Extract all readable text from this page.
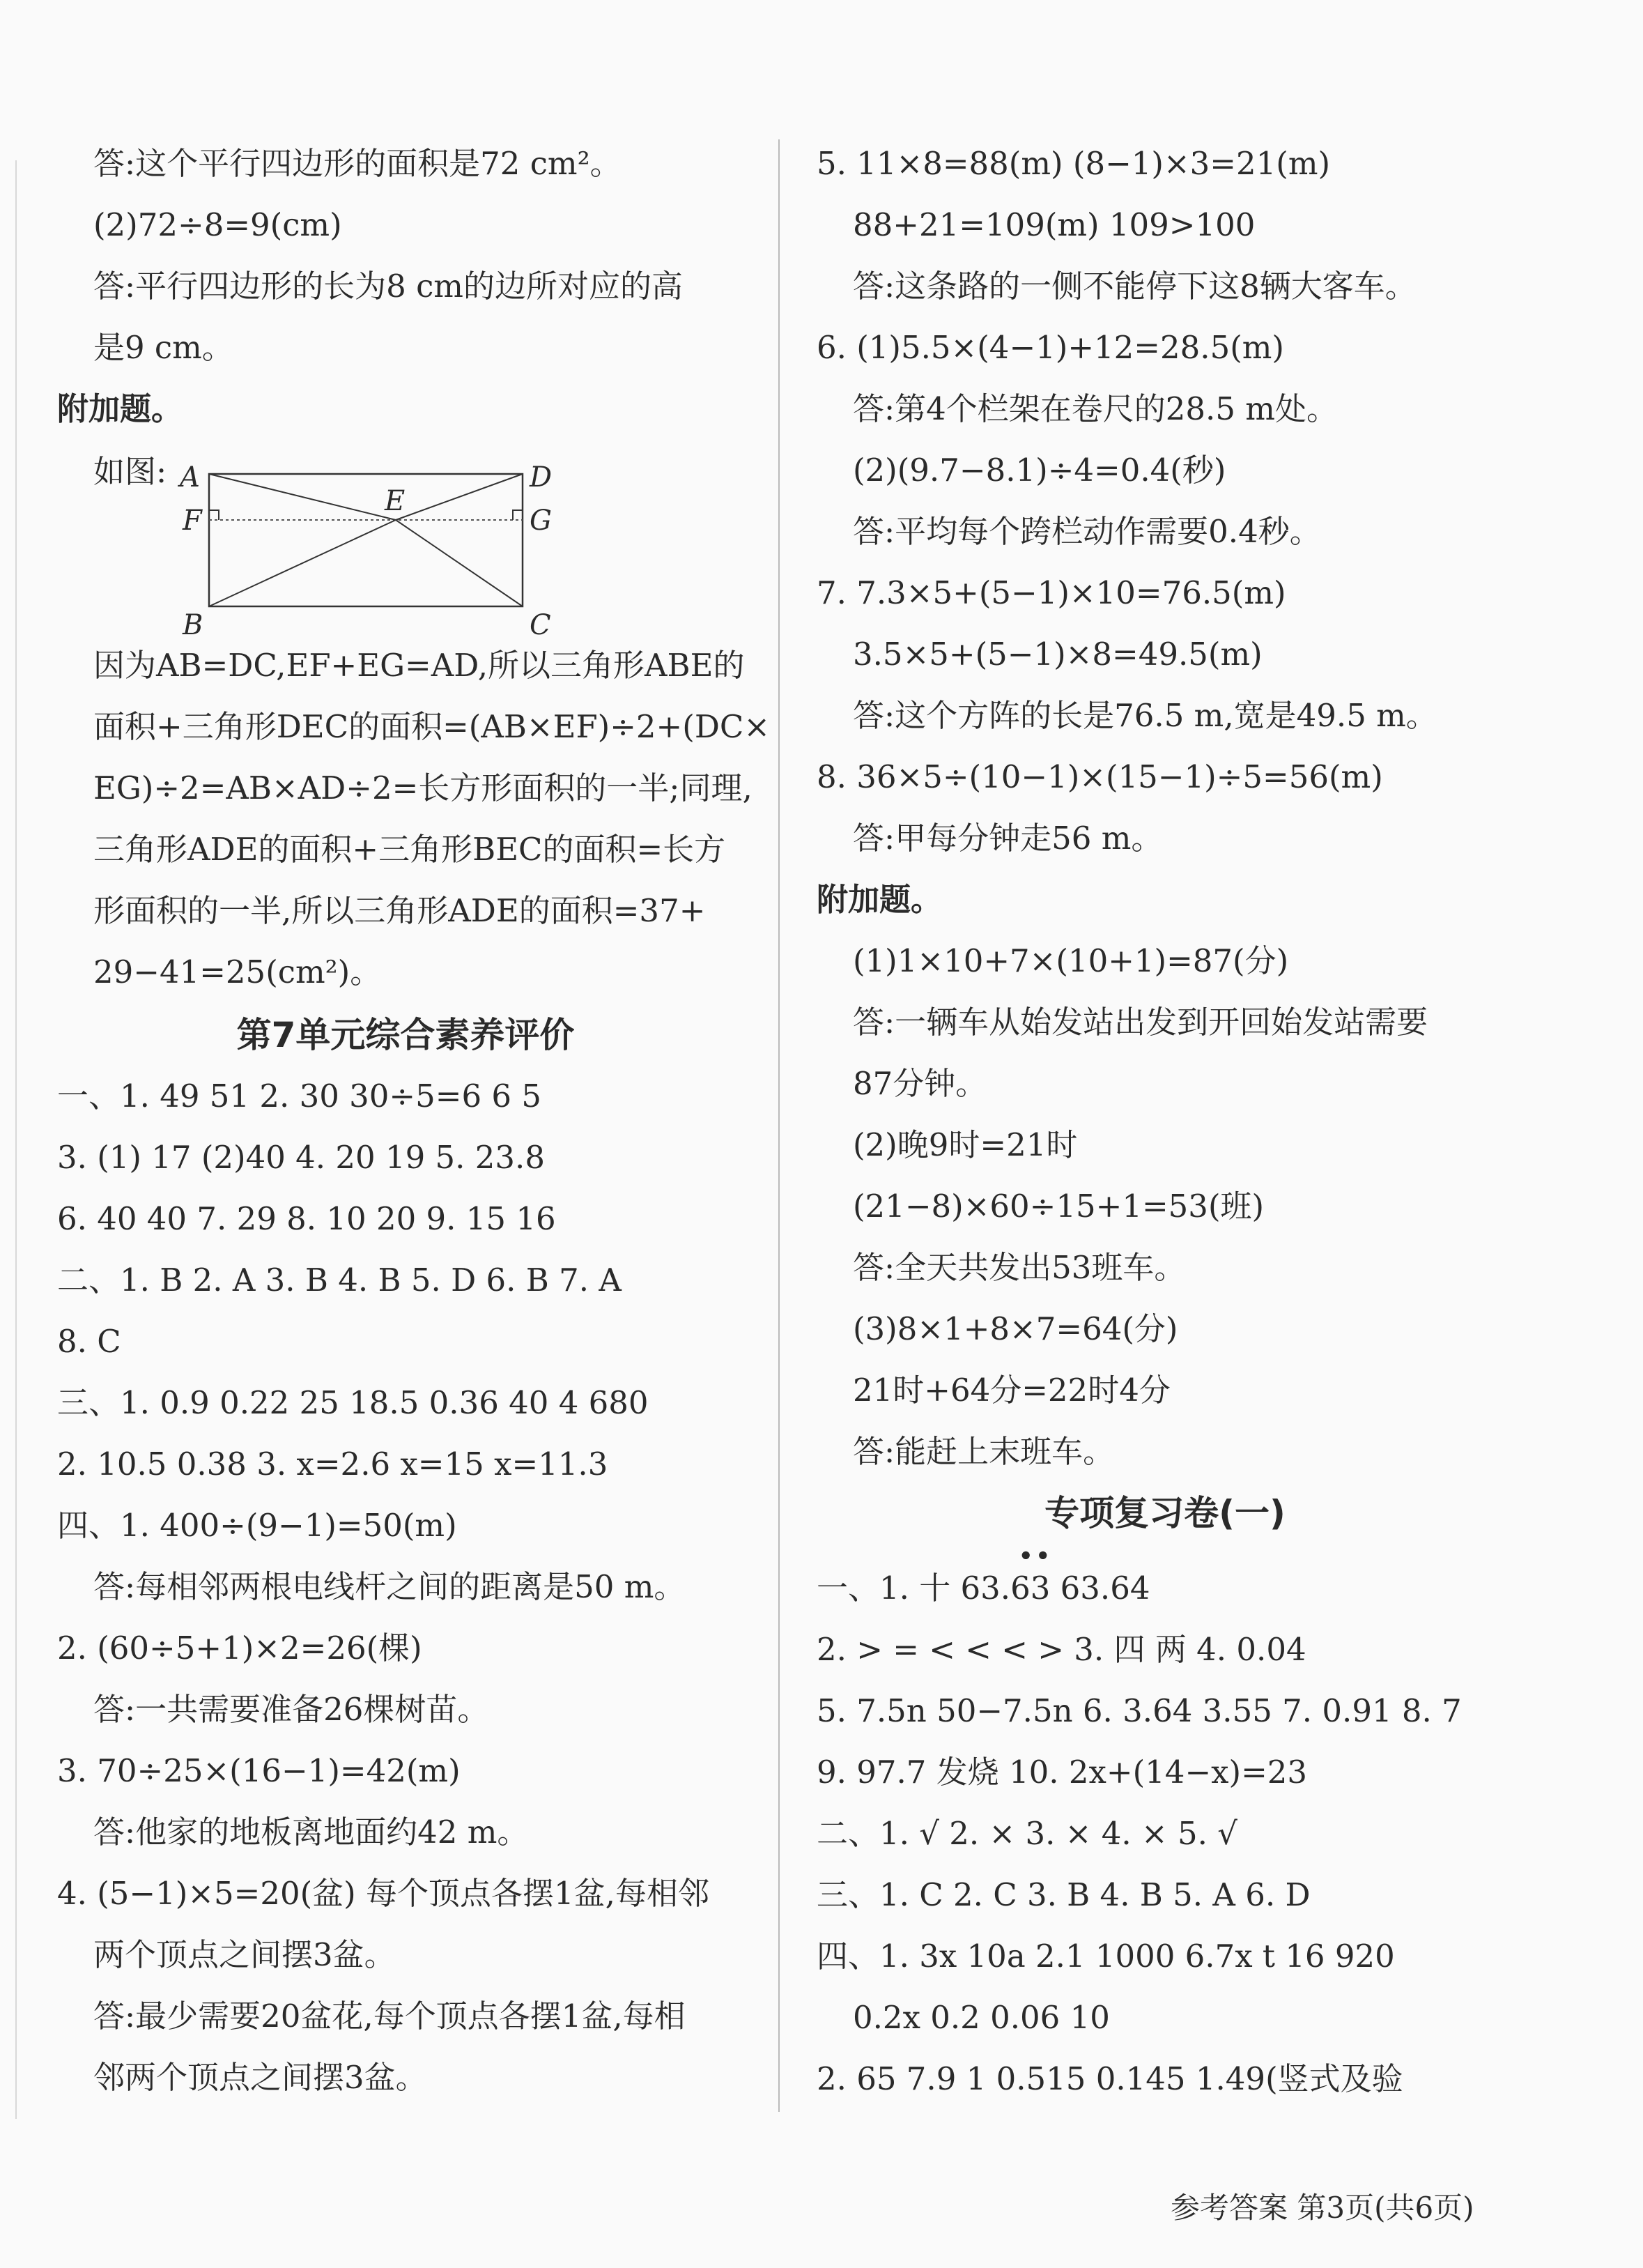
答:这个平行四边形的面积是72 cm²。
(2)72÷8=9(cm)
答:平行四边形的长为8 cm的边所对应的高
是9 cm。
附加题。
如图:
因为AB=DC,EF+EG=AD,所以三角形ABE的
面积+三角形DEC的面积=(AB×EF)÷2+(DC×
EG)÷2=AB×AD÷2=长方形面积的一半;同理,
三角形ADE的面积+三角形BEC的面积=长方
形面积的一半,所以三角形ADE的面积=37+
29−41=25(cm²)。
第7单元综合素养评价
一、1. 49 51 2. 30 30÷5=6 6 5
3. (1) 17 (2)40 4. 20 19 5. 23.8
6. 40 40 7. 29 8. 10 20 9. 15 16
二、1. B 2. A 3. B 4. B 5. D 6. B 7. A
8. C
三、1. 0.9 0.22 25 18.5 0.36 40 4 680
2. 10.5 0.38 3. x=2.6 x=15 x=11.3
四、1. 400÷(9−1)=50(m)
答:每相邻两根电线杆之间的距离是50 m。
2. (60÷5+1)×2=26(棵)
答:一共需要准备26棵树苗。
3. 70÷25×(16−1)=42(m)
答:他家的地板离地面约42 m。
4. (5−1)×5=20(盆) 每个顶点各摆1盆,每相邻
两个顶点之间摆3盆。
答:最少需要20盆花,每个顶点各摆1盆,每相
邻两个顶点之间摆3盆。
A	D
F	G
E
B	C
5. 11×8=88(m) (8−1)×3=21(m)
88+21=109(m) 109>100
答:这条路的一侧不能停下这8辆大客车。
6. (1)5.5×(4−1)+12=28.5(m)
答:第4个栏架在卷尺的28.5 m处。
(2)(9.7−8.1)÷4=0.4(秒)
答:平均每个跨栏动作需要0.4秒。
7. 7.3×5+(5−1)×10=76.5(m)
3.5×5+(5−1)×8=49.5(m)
答:这个方阵的长是76.5 m,宽是49.5 m。
8. 36×5÷(10−1)×(15−1)÷5=56(m)
答:甲每分钟走56 m。
附加题。
(1)1×10+7×(10+1)=87(分)
答:一辆车从始发站出发到开回始发站需要
87分钟。
(2)晚9时=21时
(21−8)×60÷15+1=53(班)
答:全天共发出53班车。
(3)8×1+8×7=64(分)
21时+64分=22时4分
答:能赶上末班车。
专项复习卷(一)
一、1. 十 63.63 63.64
2. > = < < < > 3. 四 两 4. 0.04
5. 7.5n 50−7.5n 6. 3.64 3.55 7. 0.91 8. 7
9. 97.7 发烧 10. 2x+(14−x)=23
二、1. √ 2. × 3. × 4. × 5. √
三、1. C 2. C 3. B 4. B 5. A 6. D
四、1. 3x 10a 2.1 1000 6.7x t 16 920
0.2x 0.2 0.06 10
2. 65 7.9 1 0.515 0.145 1.49(竖式及验
••
参考答案 第3页(共6页)
